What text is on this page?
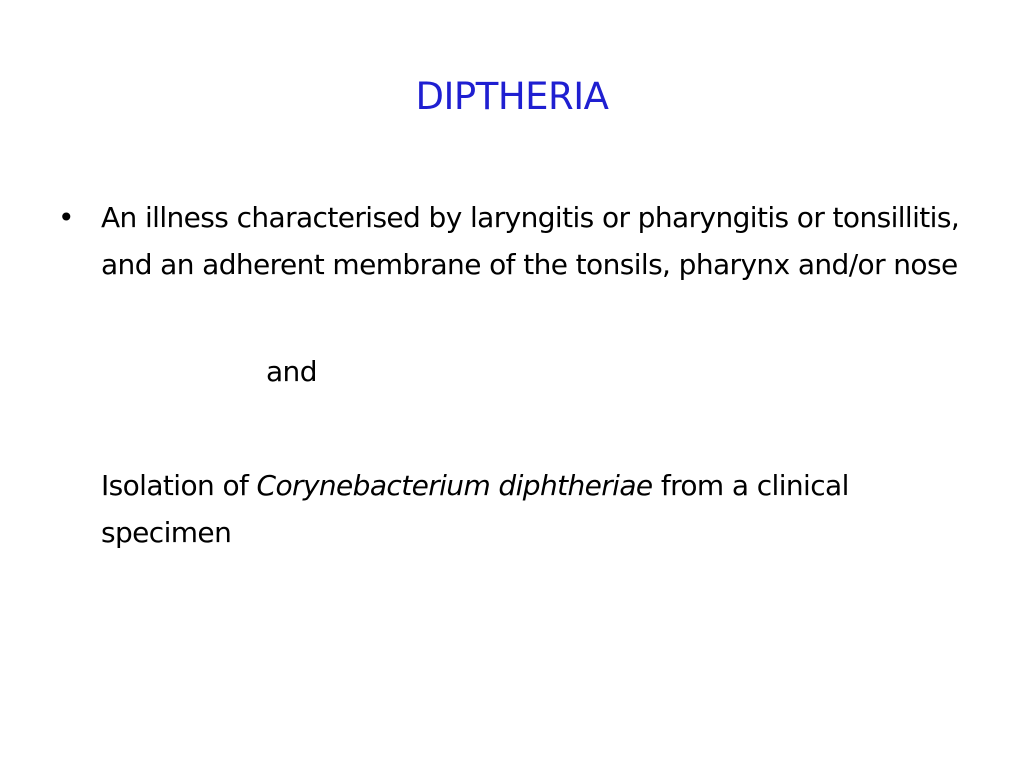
DIPTHERIA
• An illness characterised by laryngitis or pharyngitis or tonsillitis, and an adherent membrane of the tonsils, pharynx and/or nose

and
Isolation of Corynebacterium diphtheriae from a clinical specimen
